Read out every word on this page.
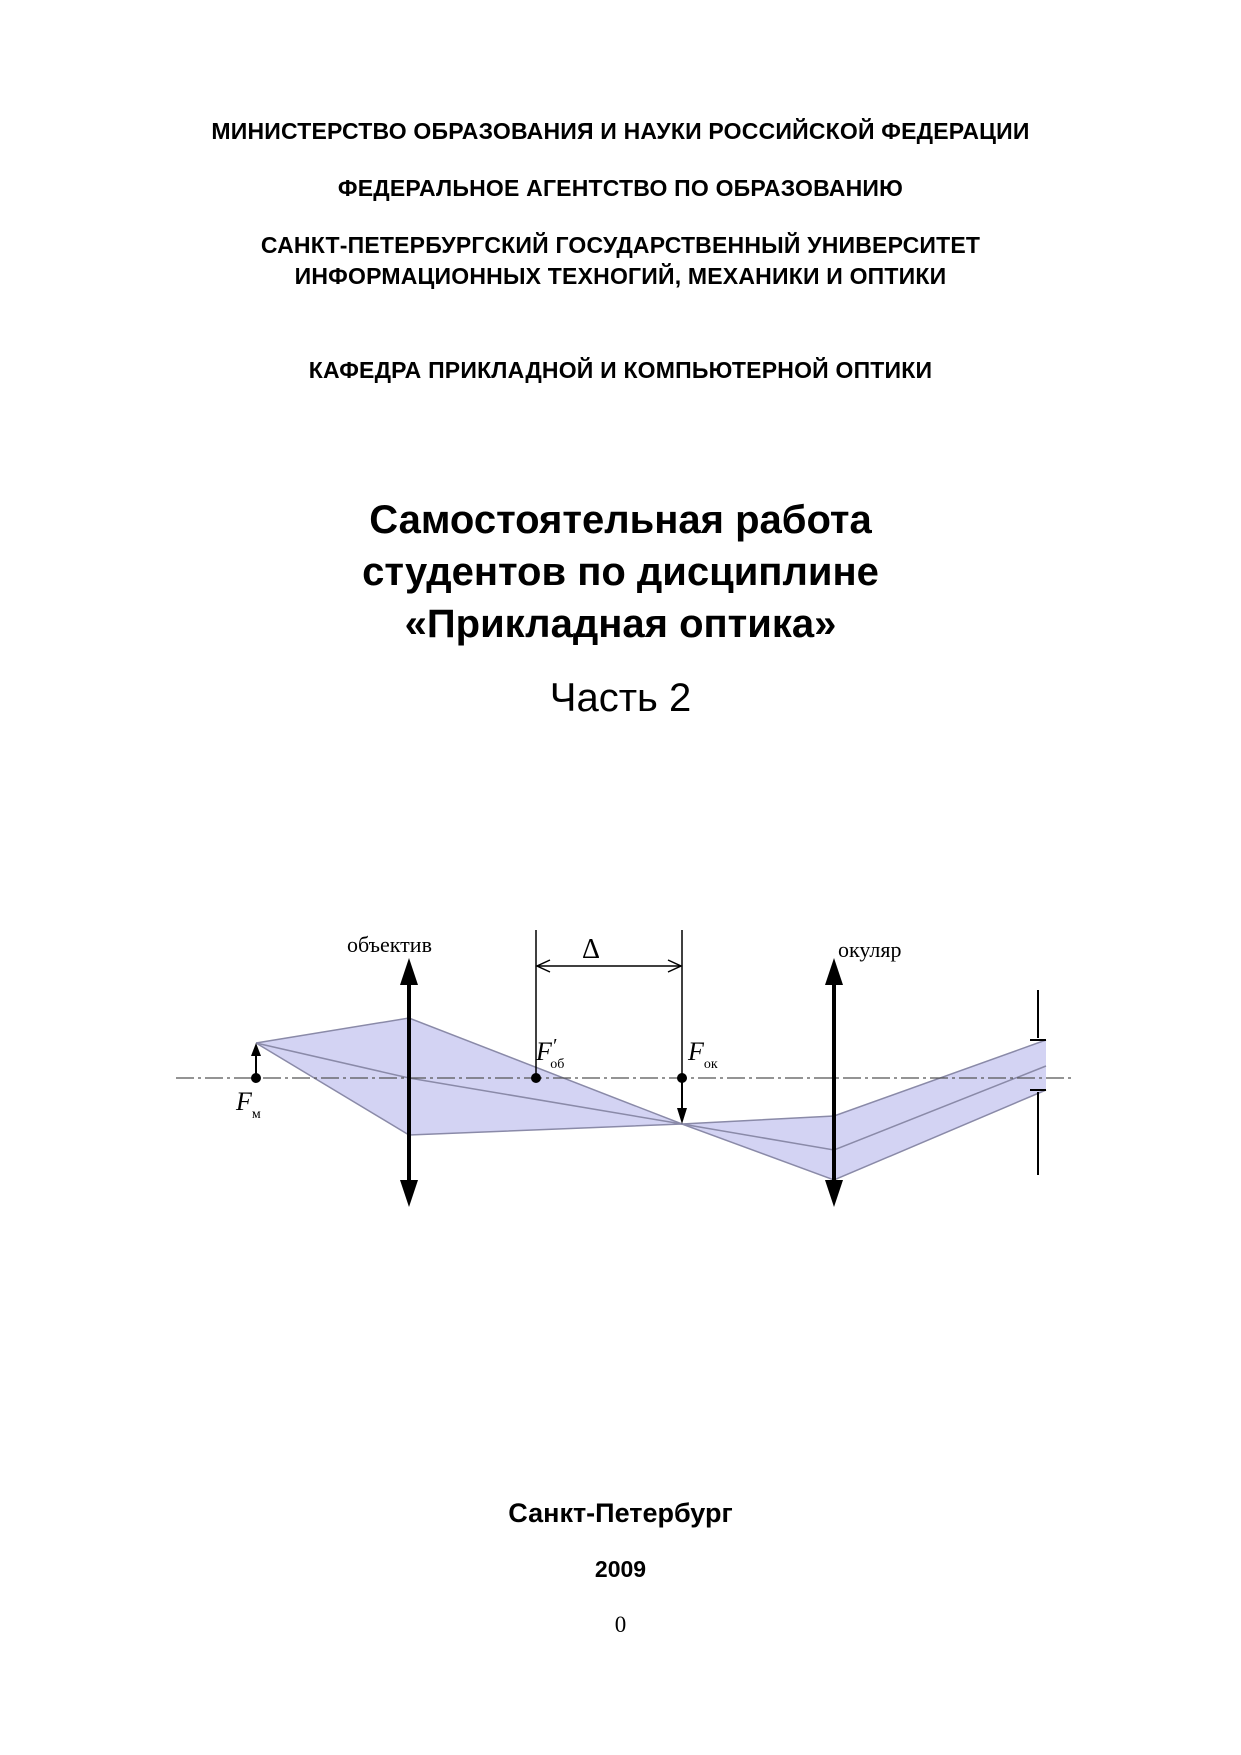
МИНИСТЕРСТВО ОБРАЗОВАНИЯ И НАУКИ РОССИЙСКОЙ ФЕДЕРАЦИИ

ФЕДЕРАЛЬНОЕ АГЕНТСТВО ПО ОБРАЗОВАНИЮ

САНКТ-ПЕТЕРБУРГСКИЙ ГОСУДАРСТВЕННЫЙ УНИВЕРСИТЕТ

ИНФОРМАЦИОННЫХ ТЕХНОГИЙ, МЕХАНИКИ И ОПТИКИ

КАФЕДРА ПРИКЛАДНОЙ И КОМПЬЮТЕРНОЙ ОПТИКИ

Самостоятельная работа

студентов по дисциплине

«Прикладная оптика»

Часть 2
объектив	окуляр
Δ
F′ об	$F_{ок}$
$F_м$
Санкт-Петербург
2009
0
